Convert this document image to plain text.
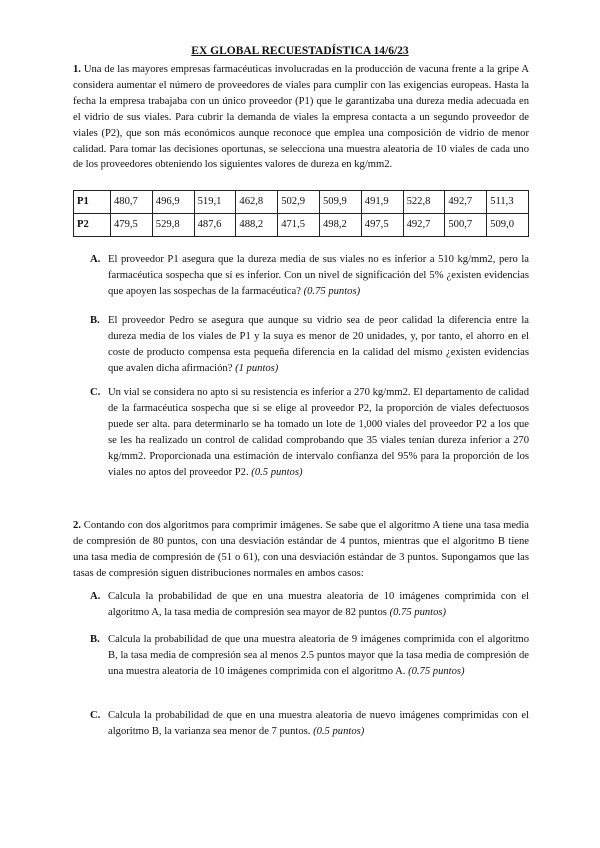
EX GLOBAL RECUESTADÍSTICA 14/6/23
1. Una de las mayores empresas farmacéuticas involucradas en la producción de vacuna frente a la gripe A considera aumentar el número de proveedores de viales para cumplir con las exigencias europeas. Hasta la fecha la empresa trabajaba con un único proveedor (P1) que le garantizaba una dureza media adecuada en el vidrio de sus viales. Para cubrir la demanda de viales la empresa contacta a un segundo proveedor de viales (P2), que son más económicos aunque reconoce que emplea una composición de vidrio de menor calidad. Para tomar las decisiones oportunas, se selecciona una muestra aleatoria de 10 viales de cada uno de los proveedores obteniendo los siguientes valores de dureza en kg/mm2.
P1	480,7	496,9	519,1	462,8	502,9	509,9	491,9	522,8	492,7	511,3
P2	479,5	529,8	487,6	488,2	471,5	498,2	497,5	492,7	500,7	509,0
A. El proveedor P1 asegura que la dureza media de sus viales no es inferior a 510 kg/mm2, pero la farmacéutica sospecha que sí es inferior. Con un nivel de significación del 5% ¿existen evidencias que apoyen las sospechas de la farmacéutica? (0.75 puntos)
B. El proveedor Pedro se asegura que aunque su vidrio sea de peor calidad la diferencia entre la dureza media de los viales de P1 y la suya es menor de 20 unidades, y, por tanto, el ahorro en el coste de producto compensa esta pequeña diferencia en la calidad del mismo ¿existen evidencias que avalen dicha afirmación? (1 puntos)
C. Un vial se considera no apto si su resistencia es inferior a 270 kg/mm2. El departamento de calidad de la farmacéutica sospecha que si se elige al proveedor P2, la proporción de viales defectuosos puede ser alta. para determinarlo se ha tomado un lote de 1,000 viales del proveedor P2 a los que se les ha realizado un control de calidad comprobando que 35 viales tenían dureza inferior a 270 kg/mm2. Proporcionada una estimación de intervalo confianza del 95% para la proporción de los viales no aptos del proveedor P2. (0.5 puntos)
2. Contando con dos algoritmos para comprimir imágenes. Se sabe que el algoritmo A tiene una tasa media de compresión de 80 puntos, con una desviación estándar de 4 puntos, mientras que el algoritmo B tiene una tasa media de compresión de (51 o 61), con una desviación estándar de 3 puntos. Supongamos que las tasas de compresión siguen distribuciones normales en ambos casos:
A. Calcula la probabilidad de que en una muestra aleatoria de 10 imágenes comprimida con el algoritmo A, la tasa media de compresión sea mayor de 82 puntos (0.75 puntos)
B. Calcula la probabilidad de que una muestra aleatoria de 9 imágenes comprimida con el algoritmo B, la tasa media de compresión sea al menos 2.5 puntos mayor que la tasa media de compresión de una muestra aleatoria de 10 imágenes comprimida con el algoritmo A. (0.75 puntos)
C. Calcula la probabilidad de que en una muestra aleatoria de nuevo imágenes comprimidas con el algoritmo B, la varianza sea menor de 7 puntos. (0.5 puntos)
